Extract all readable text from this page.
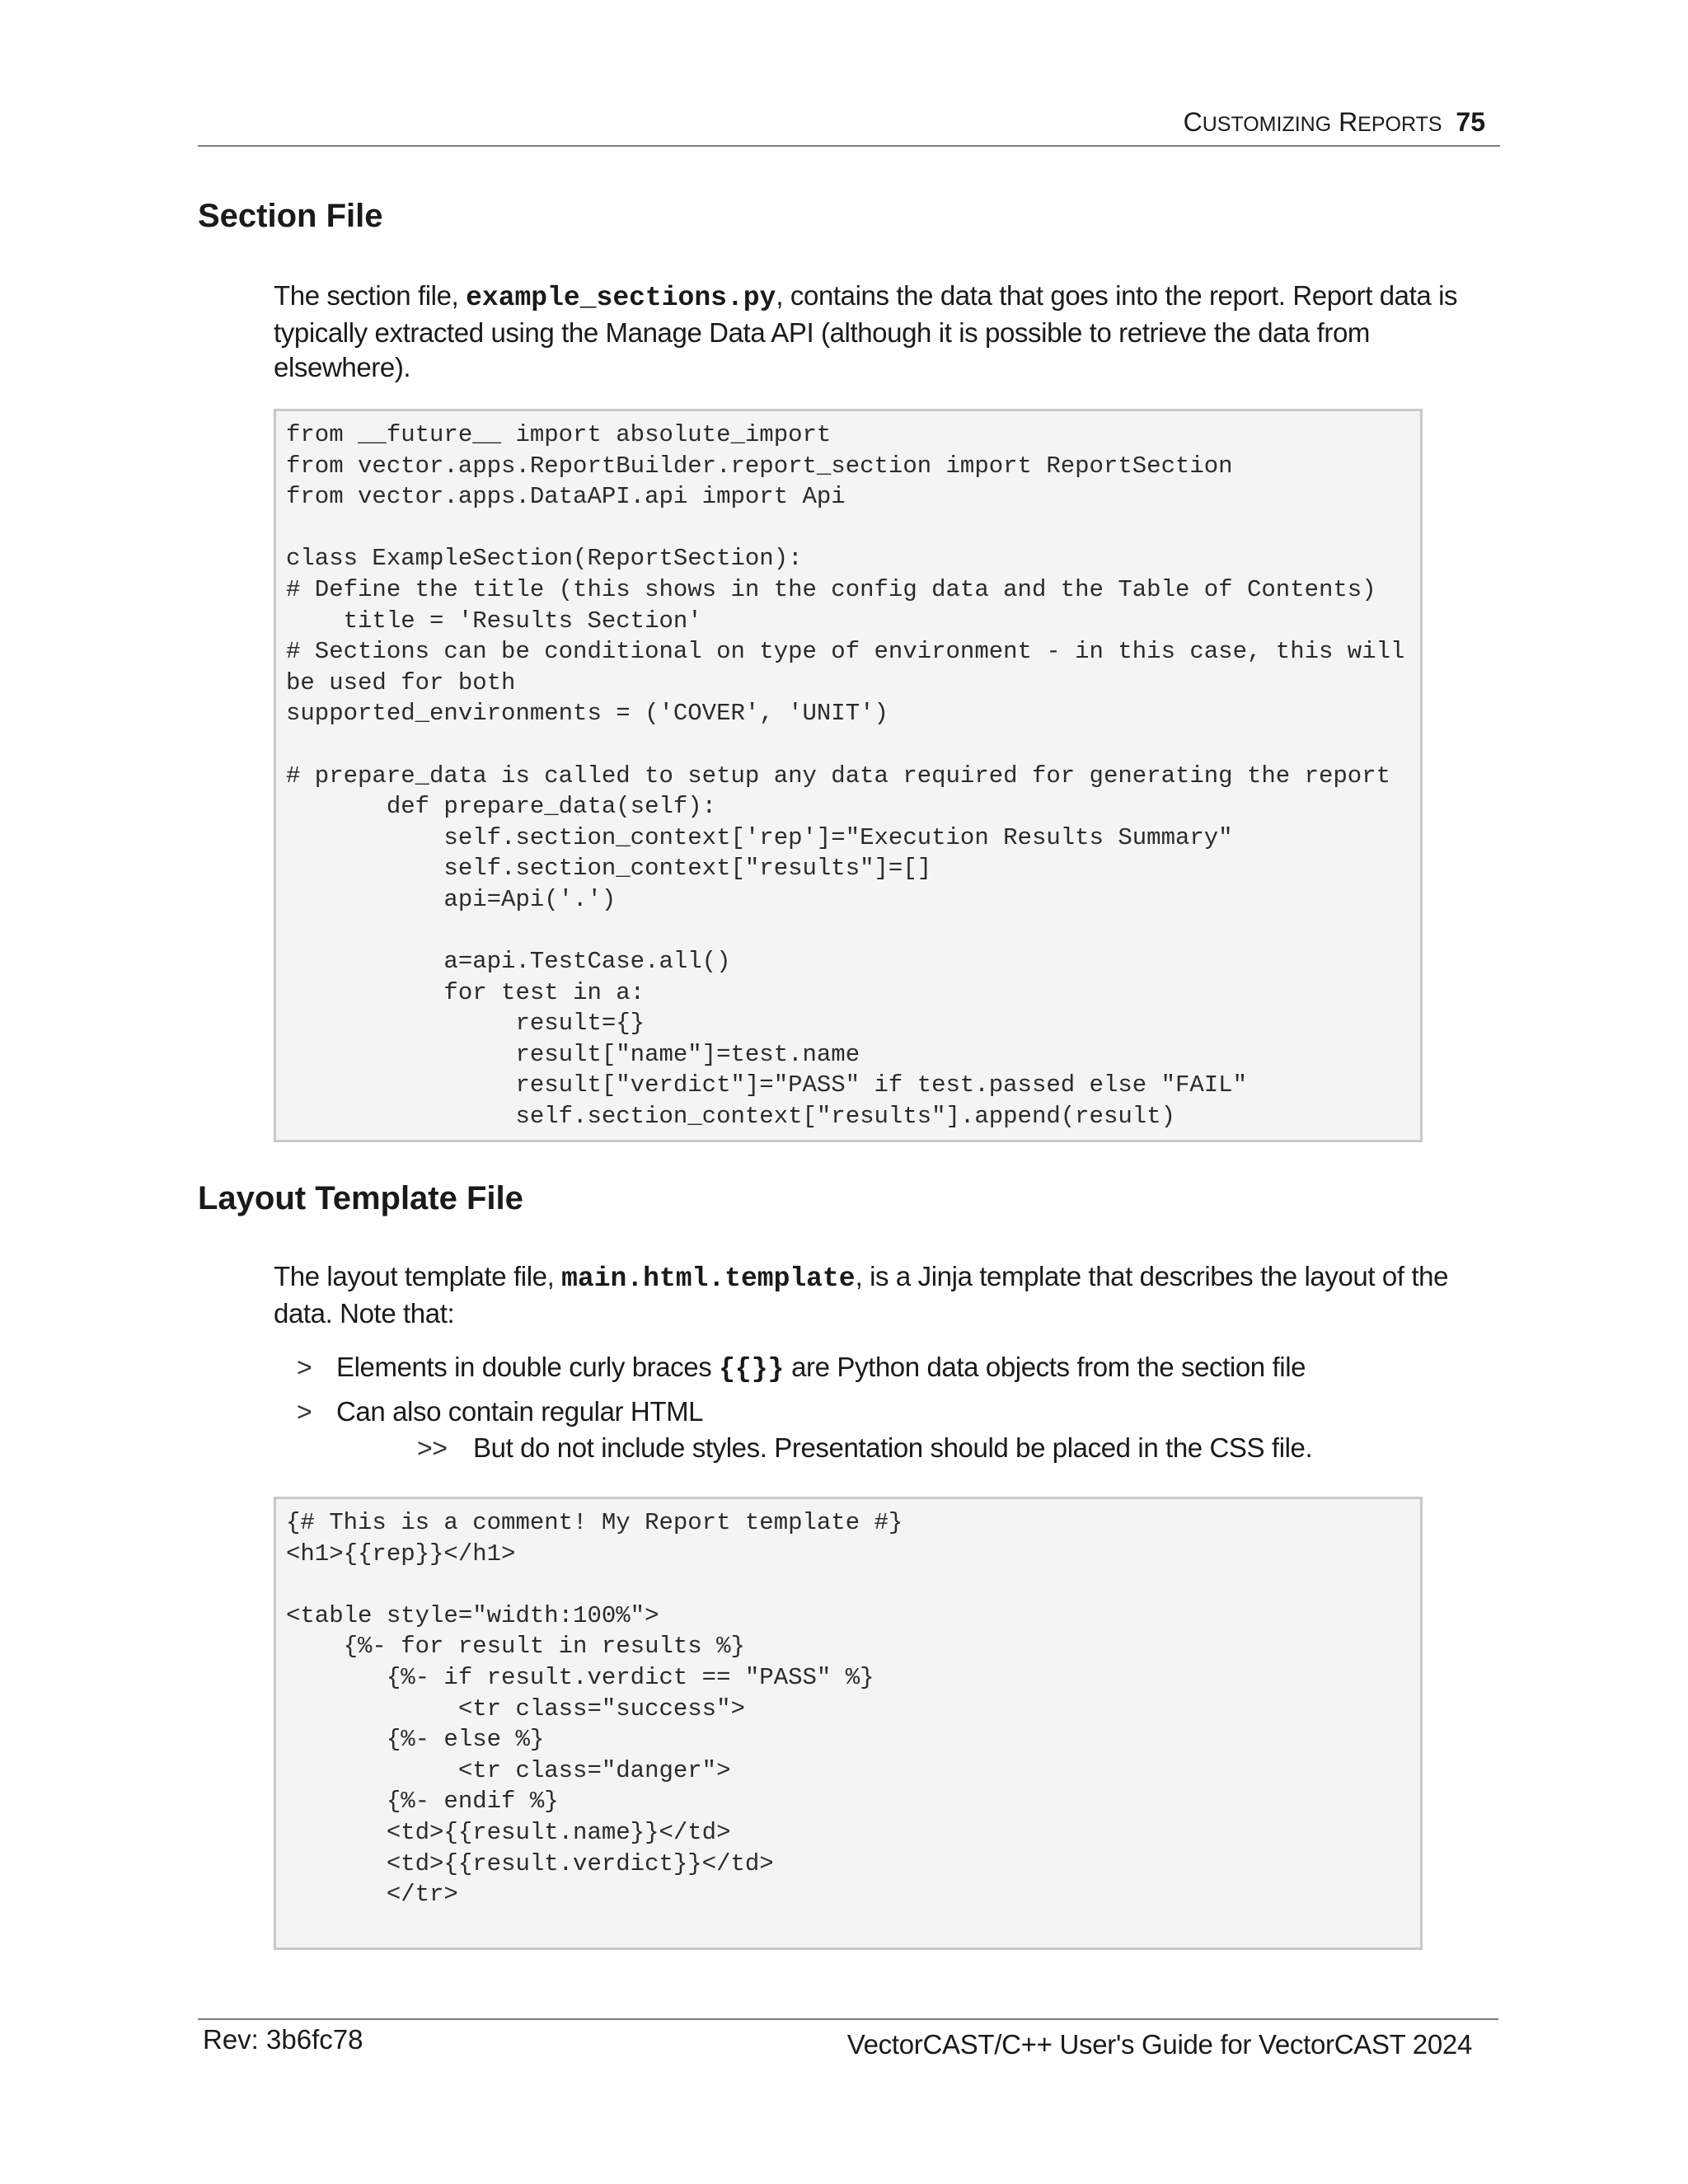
CUSTOMIZING REPORTS 75
Section File
The section file, example_sections.py, contains the data that goes into the report. Report data is typically extracted using the Manage Data API (although it is possible to retrieve the data from elsewhere).
from __future__ import absolute_import
from vector.apps.ReportBuilder.report_section import ReportSection
from vector.apps.DataAPI.api import Api

class ExampleSection(ReportSection):
# Define the title (this shows in the config data and the Table of Contents)
title = 'Results Section'
# Sections can be conditional on type of environment - in this case, this will
be used for both
supported_environments = ('COVER', 'UNIT')

# prepare_data is called to setup any data required for generating the report
def prepare_data(self):
self.section_context['rep']="Execution Results Summary"
self.section_context["results"]=[]
api=Api('.')

a=api.TestCase.all()
for test in a:
result={}
result["name"]=test.name
result["verdict"]="PASS" if test.passed else "FAIL"
self.section_context["results"].append(result)
Layout Template File
The layout template file, main.html.template, is a Jinja template that describes the layout of the data. Note that:
> Elements in double curly braces {{}} are Python data objects from the section file
> Can also contain regular HTML
>> But do not include styles. Presentation should be placed in the CSS file.
{# This is a comment! My Report template #}
<h1>{{rep}}</h1>

<table style="width:100%">
{%- for result in results %}
{%- if result.verdict == "PASS" %}
<tr class="success">
{%- else %}
<tr class="danger">
{%- endif %}
<td>{{result.name}}</td>
<td>{{result.verdict}}</td>
</tr>

Rev: 3b6fc78	VectorCAST/C++ User's Guide for VectorCAST 2024
